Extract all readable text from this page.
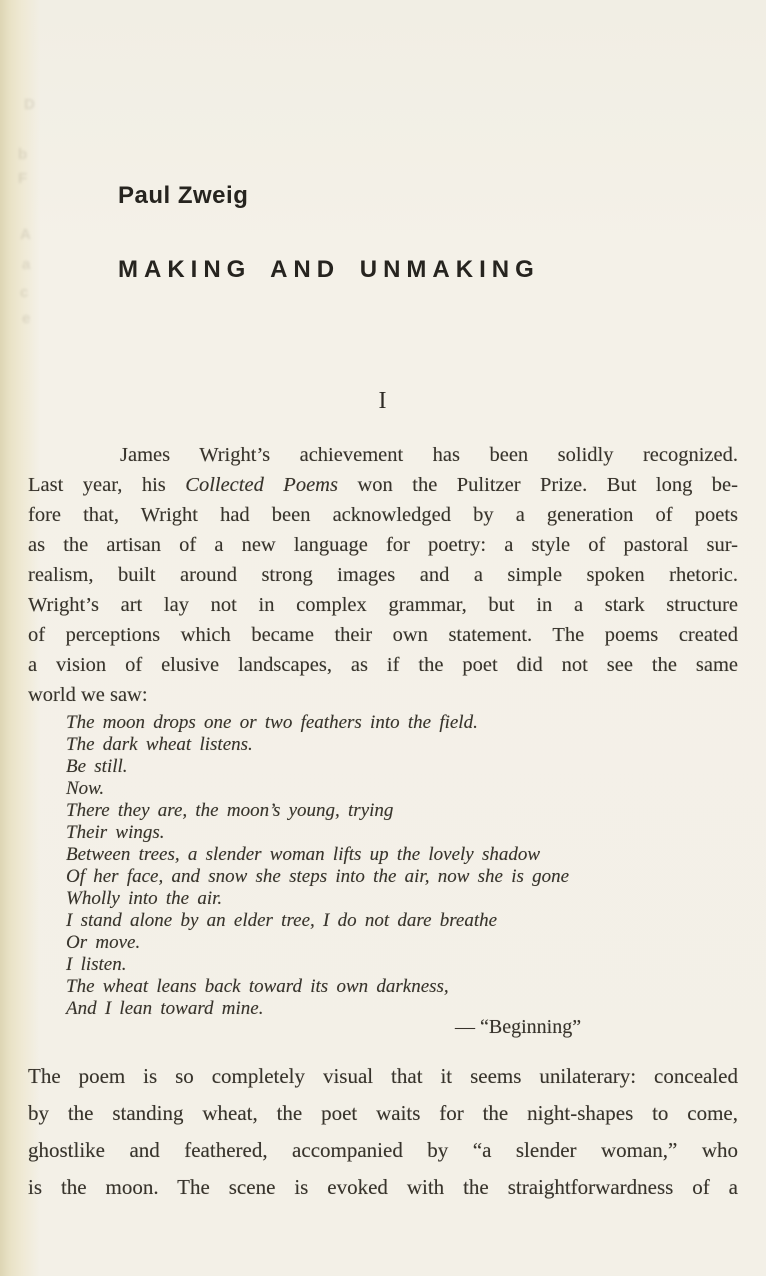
D
b
F
A
a
c
e
Paul Zweig
MAKING AND UNMAKING
I
James Wright’s achievement has been solidly recognized.
Last year, his Collected Poems won the Pulitzer Prize. But long be-
fore that, Wright had been acknowledged by a generation of poets
as the artisan of a new language for poetry: a style of pastoral sur-
realism, built around strong images and a simple spoken rhetoric.
Wright’s art lay not in complex grammar, but in a stark structure
of perceptions which became their own statement. The poems created
a vision of elusive landscapes, as if the poet did not see the same
world we saw:
The moon drops one or two feathers into the field.
The dark wheat listens.
Be still.
Now.
There they are, the moon’s young, trying
Their wings.
Between trees, a slender woman lifts up the lovely shadow
Of her face, and snow she steps into the air, now she is gone
Wholly into the air.
I stand alone by an elder tree, I do not dare breathe
Or move.
I listen.
The wheat leans back toward its own darkness,
And I lean toward mine.
— “Beginning”
The poem is so completely visual that it seems unilaterary: concealed
by the standing wheat, the poet waits for the night-shapes to come,
ghostlike and feathered, accompanied by “a slender woman,” who
is the moon. The scene is evoked with the straightforwardness of a
